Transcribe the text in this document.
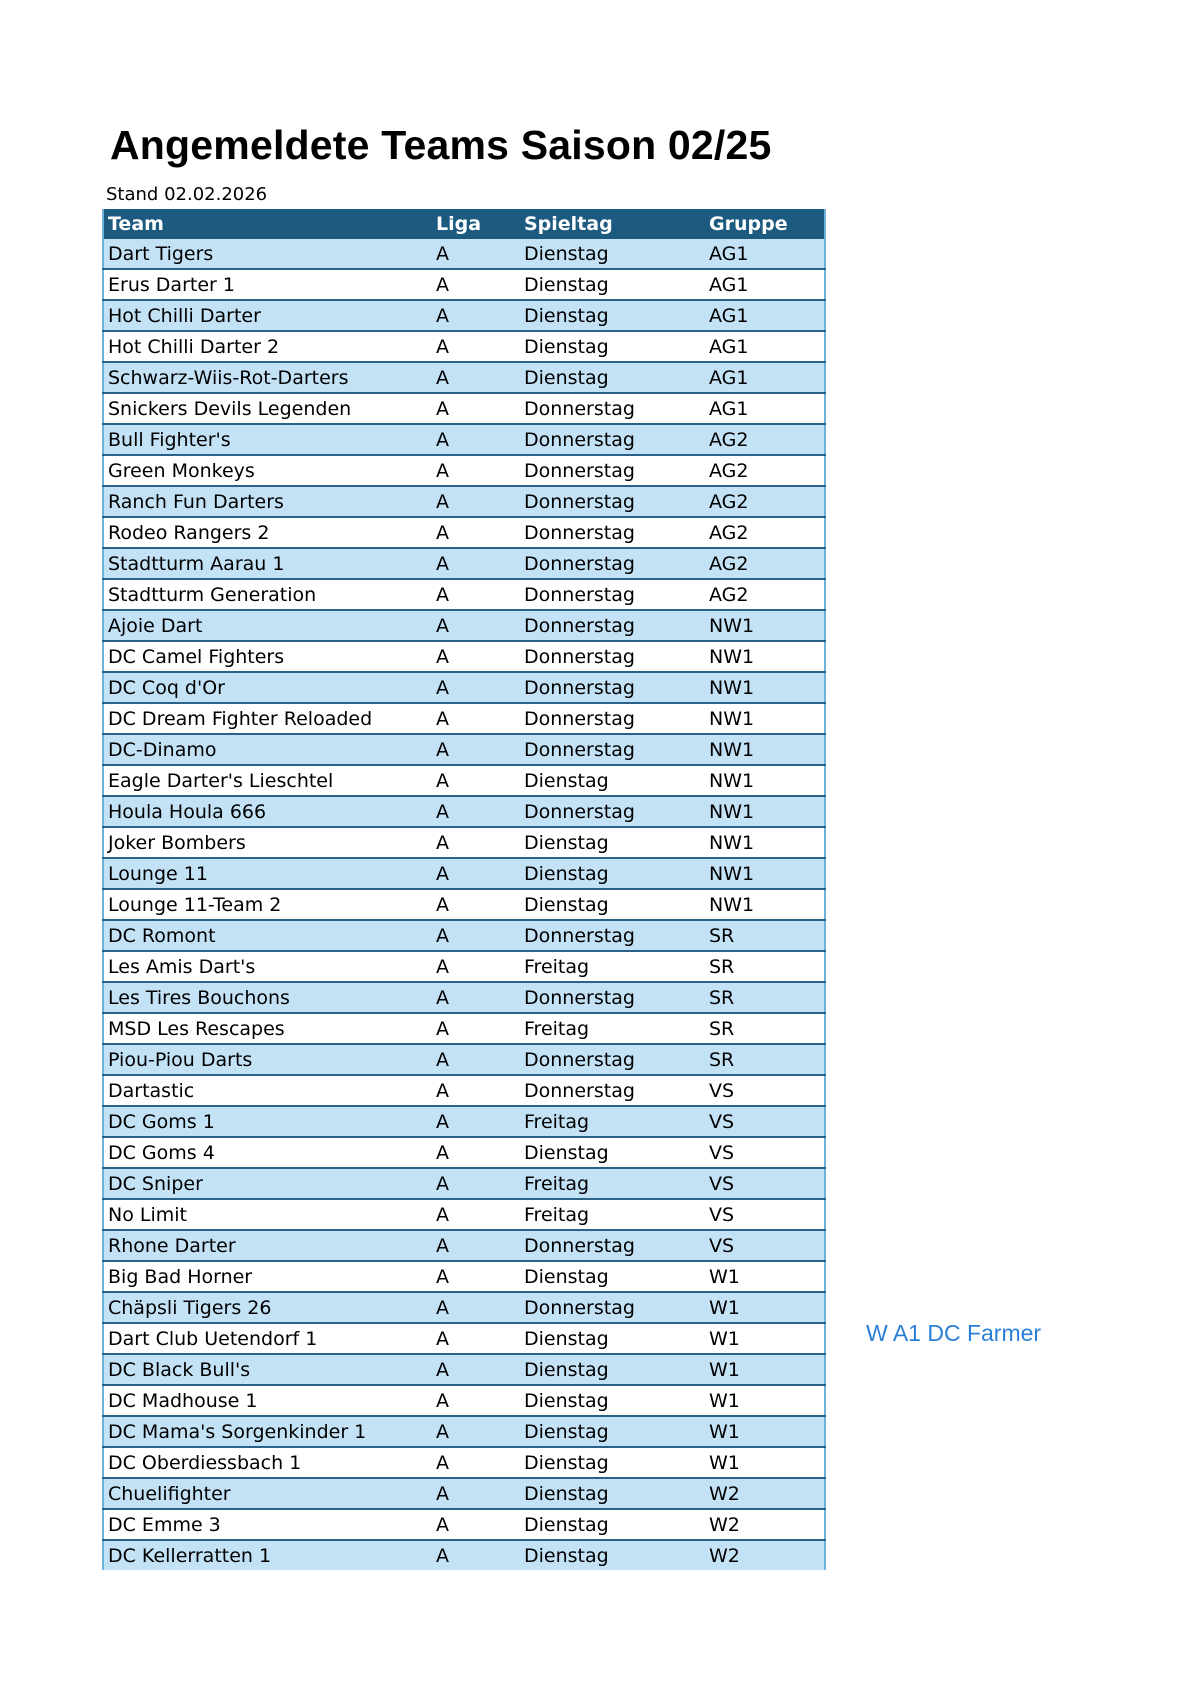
Angemeldete Teams Saison 02/25
Stand 02.02.2026
Team	Liga	Spieltag	Gruppe
Dart Tigers	A	Dienstag	AG1
Erus Darter 1	A	Dienstag	AG1
Hot Chilli Darter	A	Dienstag	AG1
Hot Chilli Darter 2	A	Dienstag	AG1
Schwarz-Wiis-Rot-Darters	A	Dienstag	AG1
Snickers Devils Legenden	A	Donnerstag	AG1
Bull Fighter's	A	Donnerstag	AG2
Green Monkeys	A	Donnerstag	AG2
Ranch Fun Darters	A	Donnerstag	AG2
Rodeo Rangers 2	A	Donnerstag	AG2
Stadtturm Aarau 1	A	Donnerstag	AG2
Stadtturm Generation	A	Donnerstag	AG2
Ajoie Dart	A	Donnerstag	NW1
DC Camel Fighters	A	Donnerstag	NW1
DC Coq d'Or	A	Donnerstag	NW1
DC Dream Fighter Reloaded	A	Donnerstag	NW1
DC-Dinamo	A	Donnerstag	NW1
Eagle Darter's Lieschtel	A	Dienstag	NW1
Houla Houla 666	A	Donnerstag	NW1
Joker Bombers	A	Dienstag	NW1
Lounge 11	A	Dienstag	NW1
Lounge 11-Team 2	A	Dienstag	NW1
DC Romont	A	Donnerstag	SR
Les Amis Dart's	A	Freitag	SR
Les Tires Bouchons	A	Donnerstag	SR
MSD Les Rescapes	A	Freitag	SR
Piou-Piou Darts	A	Donnerstag	SR
Dartastic	A	Donnerstag	VS
DC Goms 1	A	Freitag	VS
DC Goms 4	A	Dienstag	VS
DC Sniper	A	Freitag	VS
No Limit	A	Freitag	VS
Rhone Darter	A	Donnerstag	VS
Big Bad Horner	A	Dienstag	W1
Chäpsli Tigers 26	A	Donnerstag	W1
Dart Club Uetendorf 1	A	Dienstag	W1
DC Black Bull's	A	Dienstag	W1
DC Madhouse 1	A	Dienstag	W1
DC Mama's Sorgenkinder 1	A	Dienstag	W1
DC Oberdiessbach 1	A	Dienstag	W1
Chuelifighter	A	Dienstag	W2
DC Emme 3	A	Dienstag	W2
DC Kellerratten 1	A	Dienstag	W2
W A1 DC Farmer
